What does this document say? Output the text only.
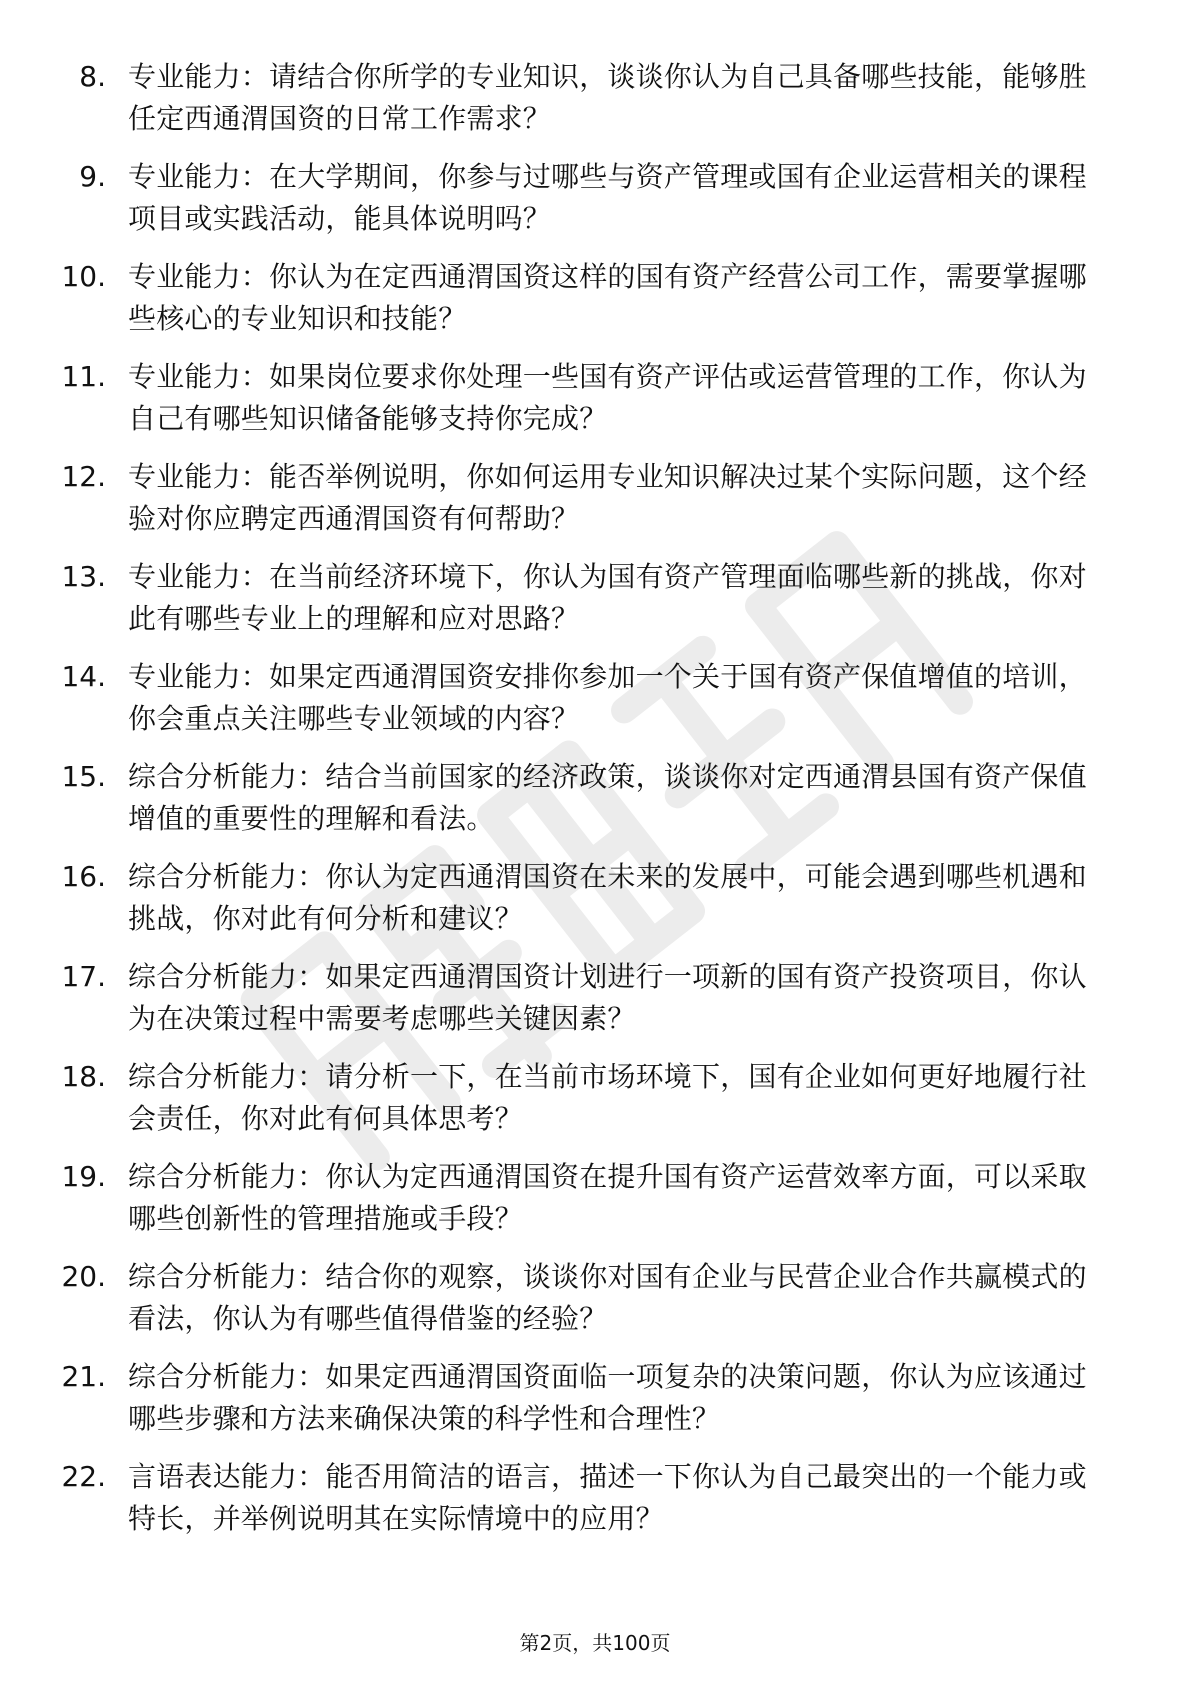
8. 专业能力：请结合你所学的专业知识，谈谈你认为自己具备哪些技能，能够胜任定西通渭国资的日常工作需求？
9. 专业能力：在大学期间，你参与过哪些与资产管理或国有企业运营相关的课程项目或实践活动，能具体说明吗？
10. 专业能力：你认为在定西通渭国资这样的国有资产经营公司工作，需要掌握哪些核心的专业知识和技能？
11. 专业能力：如果岗位要求你处理一些国有资产评估或运营管理的工作，你认为自己有哪些知识储备能够支持你完成？
12. 专业能力：能否举例说明，你如何运用专业知识解决过某个实际问题，这个经验对你应聘定西通渭国资有何帮助？
13. 专业能力：在当前经济环境下，你认为国有资产管理面临哪些新的挑战，你对此有哪些专业上的理解和应对思路？
14. 专业能力：如果定西通渭国资安排你参加一个关于国有资产保值增值的培训，你会重点关注哪些专业领域的内容？
15. 综合分析能力：结合当前国家的经济政策，谈谈你对定西通渭县国有资产保值增值的重要性的理解和看法。
16. 综合分析能力：你认为定西通渭国资在未来的发展中，可能会遇到哪些机遇和挑战，你对此有何分析和建议？
17. 综合分析能力：如果定西通渭国资计划进行一项新的国有资产投资项目，你认为在决策过程中需要考虑哪些关键因素？
18. 综合分析能力：请分析一下，在当前市场环境下，国有企业如何更好地履行社会责任，你对此有何具体思考？
19. 综合分析能力：你认为定西通渭国资在提升国有资产运营效率方面，可以采取哪些创新性的管理措施或手段？
20. 综合分析能力：结合你的观察，谈谈你对国有企业与民营企业合作共赢模式的看法，你认为有哪些值得借鉴的经验？
21. 综合分析能力：如果定西通渭国资面临一项复杂的决策问题，你认为应该通过哪些步骤和方法来确保决策的科学性和合理性？
22. 言语表达能力：能否用简洁的语言，描述一下你认为自己最突出的一个能力或特长，并举例说明其在实际情境中的应用？
第2页，共100页
